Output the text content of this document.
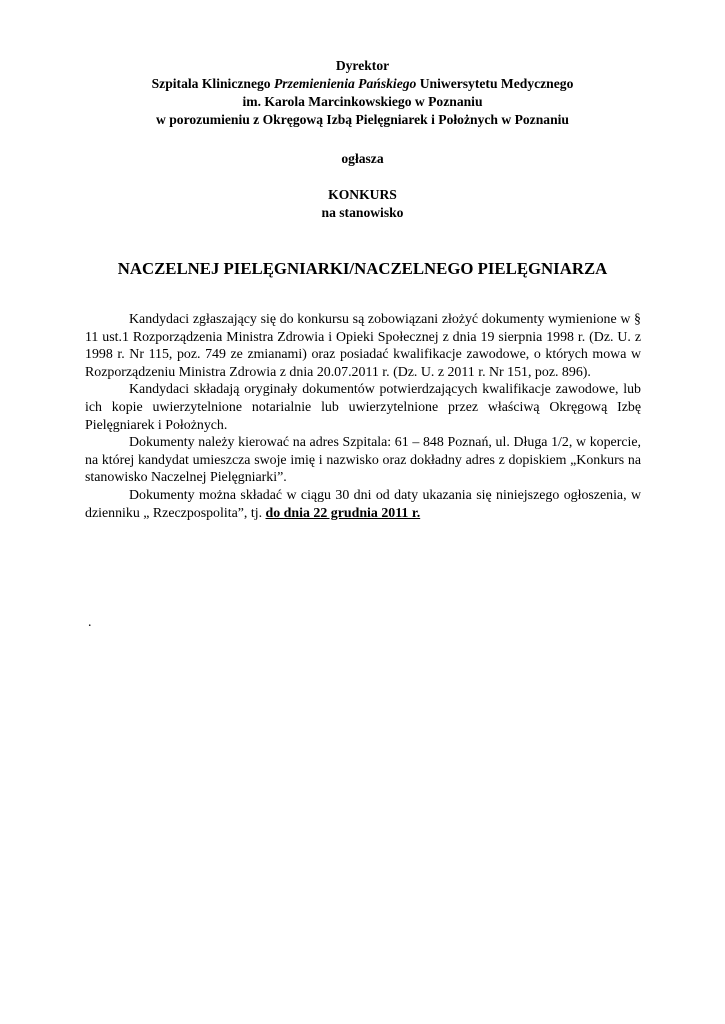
Dyrektor
Szpitala Klinicznego Przemienienia Pańskiego Uniwersytetu Medycznego
im. Karola Marcinkowskiego w Poznaniu
w porozumieniu z Okręgową Izbą Pielęgniarek i Położnych w Poznaniu
ogłasza
KONKURS
na stanowisko
NACZELNEJ PIELĘGNIARKI/NACZELNEGO PIELĘGNIARZA

Kandydaci zgłaszający się do konkursu są zobowiązani złożyć dokumenty wymienione w § 11 ust.1 Rozporządzenia Ministra Zdrowia i Opieki Społecznej z dnia 19 sierpnia 1998 r. (Dz. U. z 1998 r. Nr 115, poz. 749 ze zmianami) oraz posiadać kwalifikacje zawodowe, o których mowa w Rozporządzeniu Ministra Zdrowia z dnia 20.07.2011 r. (Dz. U. z 2011 r. Nr 151, poz. 896).

Kandydaci składają oryginały dokumentów potwierdzających kwalifikacje zawodowe, lub ich kopie uwierzytelnione notarialnie lub uwierzytelnione przez właściwą Okręgową Izbę Pielęgniarek i Położnych.

Dokumenty należy kierować na adres Szpitala: 61 – 848 Poznań, ul. Długa 1/2, w kopercie, na której kandydat umieszcza swoje imię i nazwisko oraz dokładny adres z dopiskiem „Konkurs na stanowisko Naczelnej Pielęgniarki”.

Dokumenty można składać w ciągu 30 dni od daty ukazania się niniejszego ogłoszenia, w dzienniku „ Rzeczpospolita”, tj. do dnia 22 grudnia 2011 r.

.
